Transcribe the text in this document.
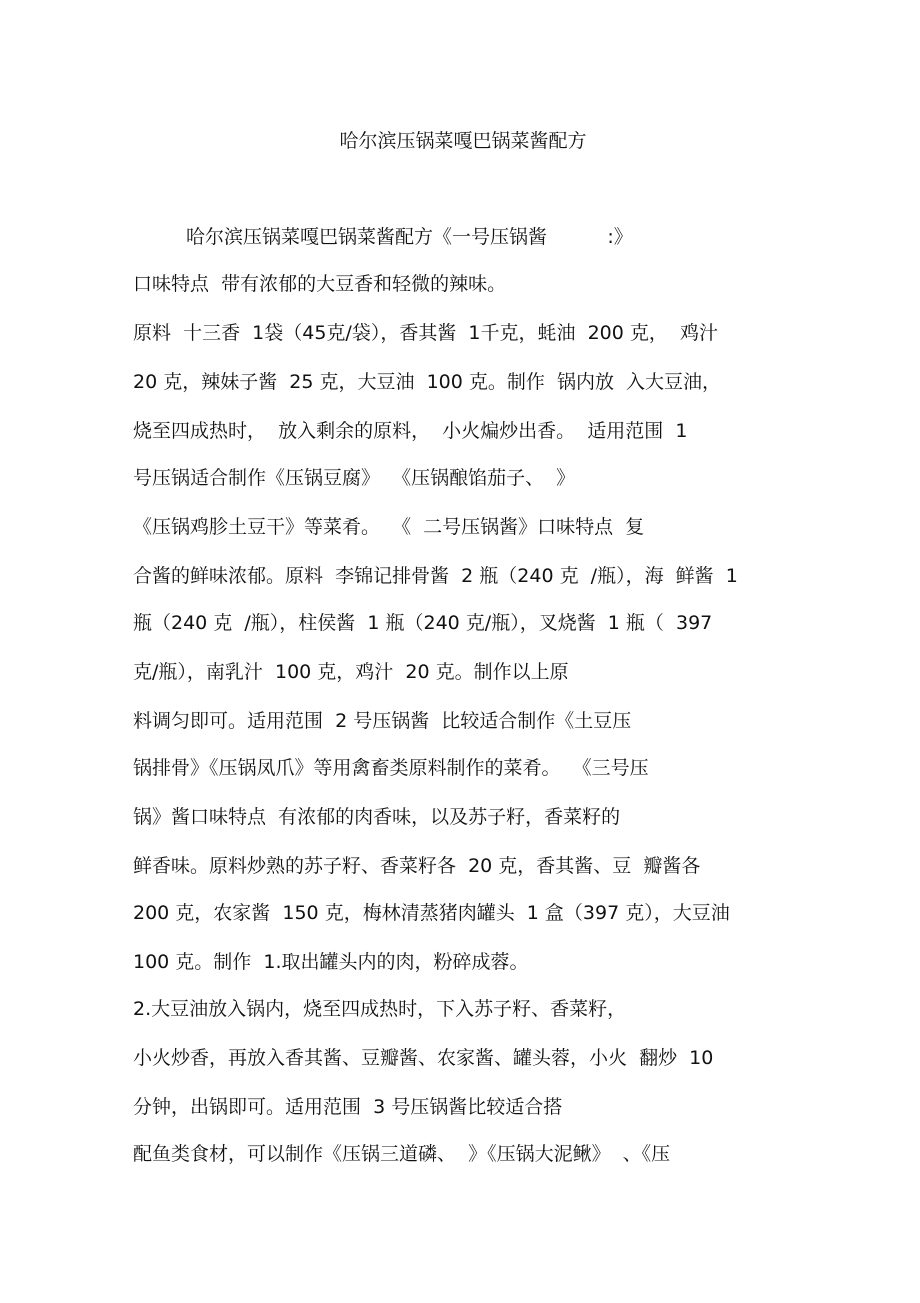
哈尔滨压锅菜嘎巴锅菜酱配方
哈尔滨压锅菜嘎巴锅菜酱配方《一号压锅酱          :》
口味特点  带有浓郁的大豆香和轻微的辣味。
原料  十三香  1袋（45克/袋），香其酱  1千克，蚝油  200 克，  鸡汁
20 克，辣妹子酱  25 克，大豆油  100 克。制作  锅内放  入大豆油，
烧至四成热时，  放入剩余的原料，  小火煸炒出香。  适用范围  1
号压锅适合制作《压锅豆腐》  《压锅酿馅茄子、  》
《压锅鸡胗土豆干》等菜肴。  《  二号压锅酱》口味特点  复
合酱的鲜味浓郁。原料  李锦记排骨酱  2 瓶（240 克  /瓶），海  鲜酱  1
瓶（240 克  /瓶），柱侯酱  1 瓶（240 克/瓶），叉烧酱  1 瓶（  397
克/瓶），南乳汁  100 克，鸡汁  20 克。制作以上原
料调匀即可。适用范围  2 号压锅酱  比较适合制作《土豆压
锅排骨》《压锅凤爪》等用禽畜类原料制作的菜肴。  《三号压
锅》酱口味特点  有浓郁的肉香味，以及苏子籽，香菜籽的
鲜香味。原料炒熟的苏子籽、香菜籽各  20 克，香其酱、豆  瓣酱各
200 克，农家酱  150 克，梅林清蒸猪肉罐头  1 盒（397 克），大豆油
100 克。制作  1.取出罐头内的肉，粉碎成蓉。
2.大豆油放入锅内，烧至四成热时，下入苏子籽、香菜籽，
小火炒香，再放入香其酱、豆瓣酱、农家酱、罐头蓉，小火  翻炒  10
分钟，出锅即可。适用范围  3 号压锅酱比较适合搭
配鱼类食材，可以制作《压锅三道磷、  》《压锅大泥鳅》  、《压
